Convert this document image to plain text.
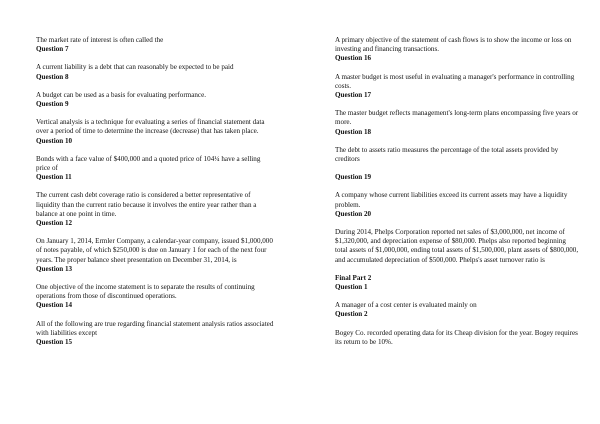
The market rate of interest is often called the

Question 7

A current liability is a debt that can reasonably be expected to be paid

Question 8

A budget can be used as a basis for evaluating performance.

Question 9

Vertical analysis is a technique for evaluating a series of financial statement data over a period of time to determine the increase (decrease) that has taken place.

Question 10

Bonds with a face value of $400,000 and a quoted price of 104¼ have a selling price of

Question 11

The current cash debt coverage ratio is considered a better representative of liquidity than the current ratio because it involves the entire year rather than a balance at one point in time.

Question 12

On January 1, 2014, Ermler Company, a calendar-year company, issued $1,000,000 of notes payable, of which $250,000 is due on January 1 for each of the next four years. The proper balance sheet presentation on December 31, 2014, is

Question 13

One objective of the income statement is to separate the results of continuing operations from those of discontinued operations.

Question 14

All of the following are true regarding financial statement analysis ratios associated with liabilities except

Question 15

A primary objective of the statement of cash flows is to show the income or loss on investing and financing transactions.

Question 16

A master budget is most useful in evaluating a manager's performance in controlling costs.

Question 17

The master budget reflects management's long-term plans encompassing five years or more.

Question 18

The debt to assets ratio measures the percentage of the total assets provided by creditors

Question 19

A company whose current liabilities exceed its current assets may have a liquidity problem.

Question 20

During 2014, Phelps Corporation reported net sales of $3,000,000, net income of $1,320,000, and depreciation expense of $80,000. Phelps also reported beginning total assets of $1,000,000, ending total assets of $1,500,000, plant assets of $800,000, and accumulated depreciation of $500,000. Phelps's asset turnover ratio is

Final Part 2

Question 1

A manager of a cost center is evaluated mainly on

Question 2

Bogey Co. recorded operating data for its Cheap division for the year. Bogey requires its return to be 10%.
